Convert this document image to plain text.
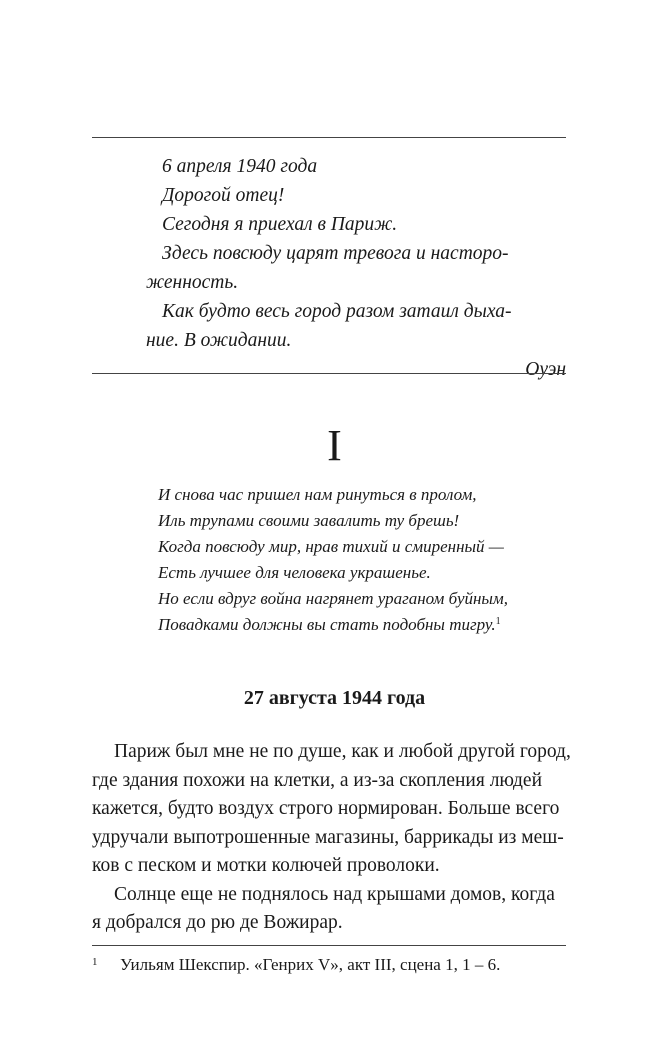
6 апреля 1940 года

Дорогой отец!

Сегодня я приехал в Париж.

Здесь повсюду царят тревога и насторо-

женность.

Как будто весь город разом затаил дыха-

ние. В ожидании.

Оуэн

I

И снова час пришел нам ринуться в пролом,

Иль трупами своими завалить ту брешь!

Когда повсюду мир, нрав тихий и смиренный —

Есть лучшее для человека украшенье.

Но если вдруг война нагрянет ураганом буйным,

Повадками должны вы стать подобны тигру.$^1$

27 августа 1944 года

Париж был мне не по душе, как и любой другой город,
где здания похожи на клетки, а из-за скопления людей
кажется, будто воздух строго нормирован. Больше всего
удручали выпотрошенные магазины, баррикады из меш-
ков с песком и мотки колючей проволоки.

Солнце еще не поднялось над крышами домов, когда
я добрался до рю де Вожирар.

1 Уильям Шекспир. «Генрих V», акт III, сцена 1, 1 – 6.
